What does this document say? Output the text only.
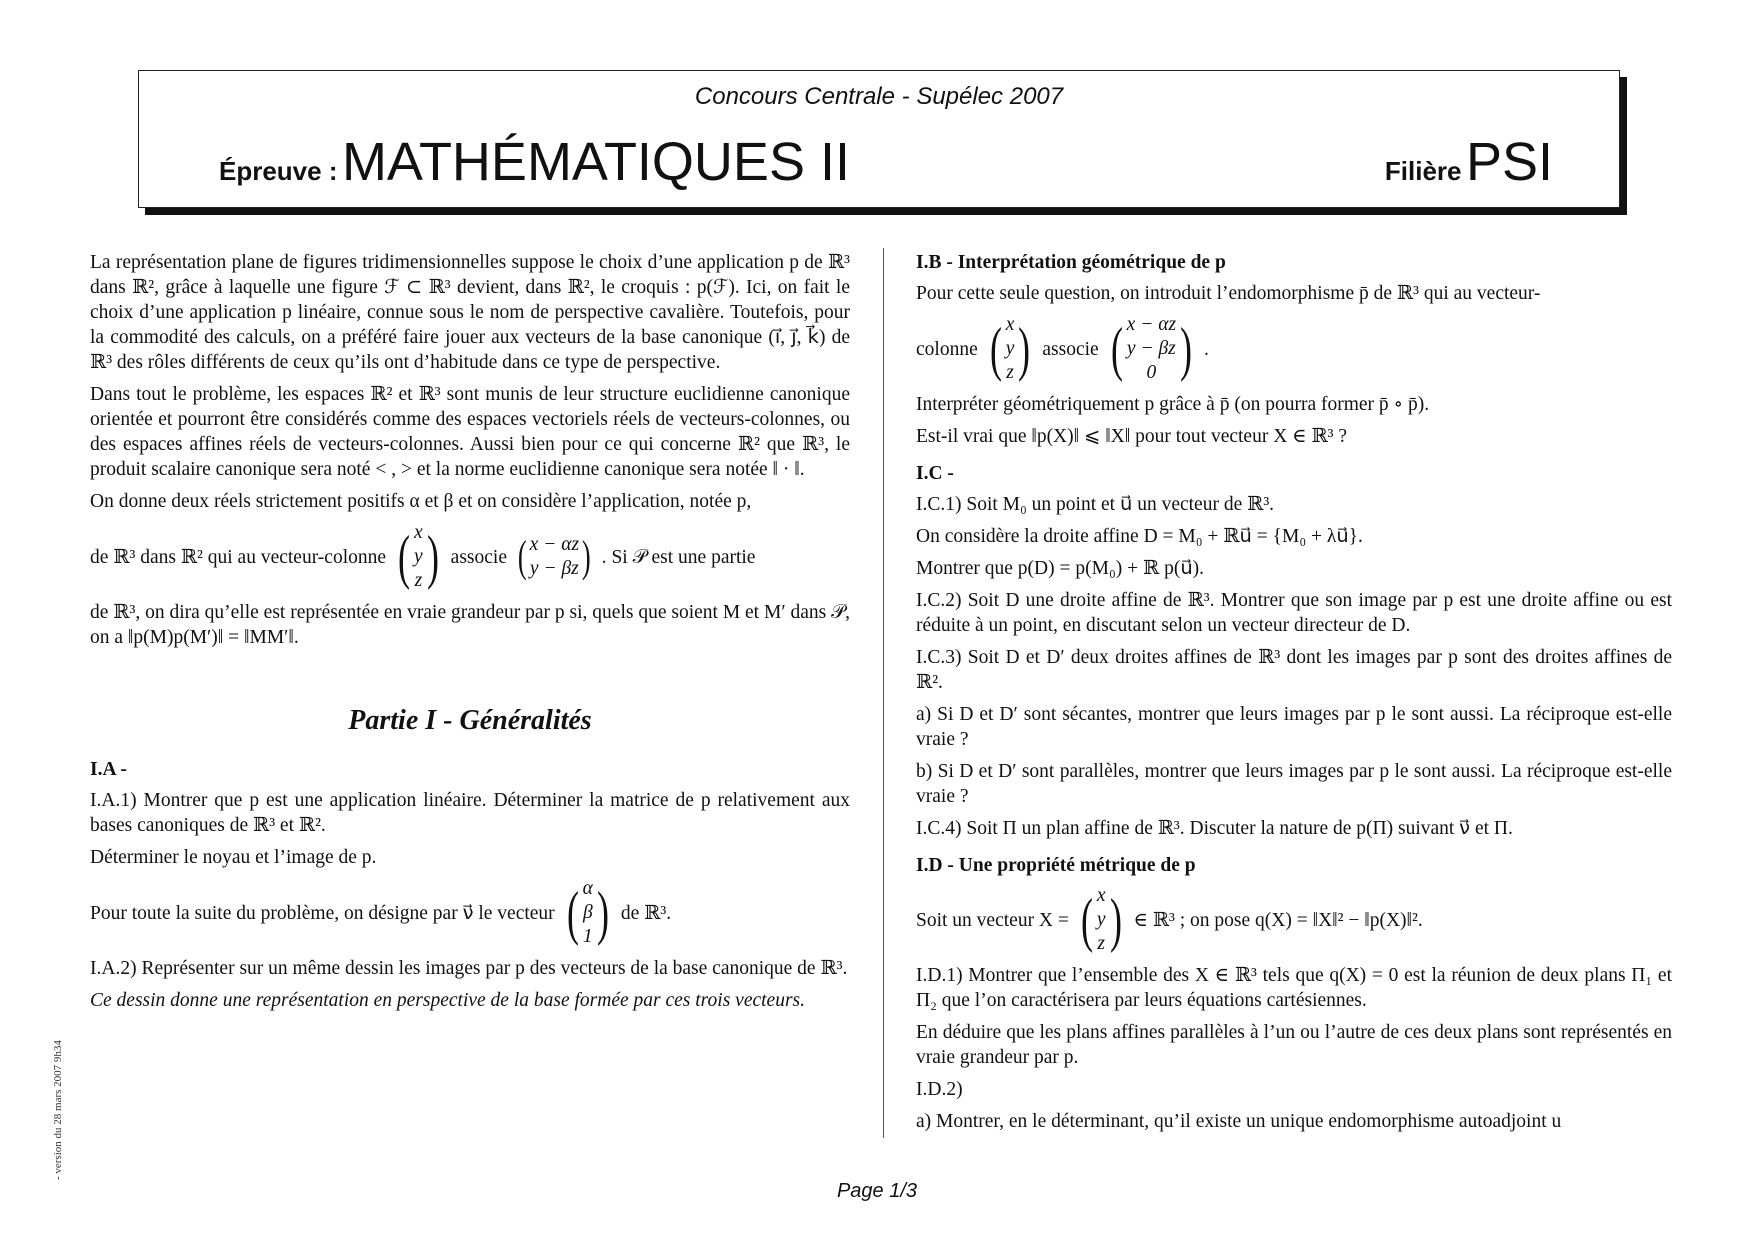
Concours Centrale - Supélec 2007
Épreuve : MATHÉMATIQUES II	Filière PSI

La représentation plane de figures tridimensionnelles suppose le choix d’une application p de ℝ³ dans ℝ², grâce à laquelle une figure ℱ ⊂ ℝ³ devient, dans ℝ², le croquis : p(ℱ). Ici, on fait le choix d’une application p linéaire, connue sous le nom de perspective cavalière. Toutefois, pour la commodité des calculs, on a préféré faire jouer aux vecteurs de la base canonique (i⃗, j⃗, k⃗) de ℝ³ des rôles différents de ceux qu’ils ont d’habitude dans ce type de perspective.

Dans tout le problème, les espaces ℝ² et ℝ³ sont munis de leur structure euclidienne canonique orientée et pourront être considérés comme des espaces vectoriels réels de vecteurs-colonnes, ou des espaces affines réels de vecteurs-colonnes. Aussi bien pour ce qui concerne ℝ² que ℝ³, le produit scalaire canonique sera noté < , > et la norme euclidienne canonique sera notée ‖ · ‖.

On donne deux réels strictement positifs α et β et on considère l’application, notée p,

de ℝ³ dans ℝ² qui au vecteur-colonne ( x
y
z ) associe ( x − αz
y − βz ) . Si 𝒫 est une partie

de ℝ³, on dira qu’elle est représentée en vraie grandeur par p si, quels que soient M et M′ dans 𝒫, on a ‖p(M)p(M′)‖ = ‖MM′‖.

Partie I - Généralités
I.A -

I.A.1) Montrer que p est une application linéaire. Déterminer la matrice de p relativement aux bases canoniques de ℝ³ et ℝ².

Déterminer le noyau et l’image de p.

Pour toute la suite du problème, on désigne par ν⃗ le vecteur ( α
β
1 ) de ℝ³.

I.A.2) Représenter sur un même dessin les images par p des vecteurs de la base canonique de ℝ³.

Ce dessin donne une représentation en perspective de la base formée par ces trois vecteurs.

I.B - Interprétation géométrique de p

Pour cette seule question, on introduit l’endomorphisme p̄ de ℝ³ qui au vecteur-

colonne ( x
y
z ) associe ( x − αz
y − βz
0 ) .

Interpréter géométriquement p grâce à p̄ (on pourra former p̄ ∘ p̄).

Est-il vrai que ‖p(X)‖ ⩽ ‖X‖ pour tout vecteur X ∈ ℝ³ ?

I.C -

I.C.1) Soit M₀ un point et u⃗ un vecteur de ℝ³.

On considère la droite affine D = M₀ + ℝu⃗ = {M₀ + λu⃗}.

Montrer que p(D) = p(M₀) + ℝ p(u⃗).

I.C.2) Soit D une droite affine de ℝ³. Montrer que son image par p est une droite affine ou est réduite à un point, en discutant selon un vecteur directeur de D.

I.C.3) Soit D et D′ deux droites affines de ℝ³ dont les images par p sont des droites affines de ℝ².

a) Si D et D′ sont sécantes, montrer que leurs images par p le sont aussi. La réciproque est-elle vraie ?

b) Si D et D′ sont parallèles, montrer que leurs images par p le sont aussi. La réciproque est-elle vraie ?

I.C.4) Soit Π un plan affine de ℝ³. Discuter la nature de p(Π) suivant ν⃗ et Π.

I.D - Une propriété métrique de p
Soit un vecteur X = ( x
y
z ) ∈ ℝ³ ; on pose q(X) = ‖X‖² − ‖p(X)‖².

I.D.1) Montrer que l’ensemble des X ∈ ℝ³ tels que q(X) = 0 est la réunion de deux plans Π₁ et Π₂ que l’on caractérisera par leurs équations cartésiennes.

En déduire que les plans affines parallèles à l’un ou l’autre de ces deux plans sont représentés en vraie grandeur par p.

I.D.2)

a) Montrer, en le déterminant, qu’il existe un unique endomorphisme autoadjoint u

- version du 28 mars 2007 9h34
Page 1/3
